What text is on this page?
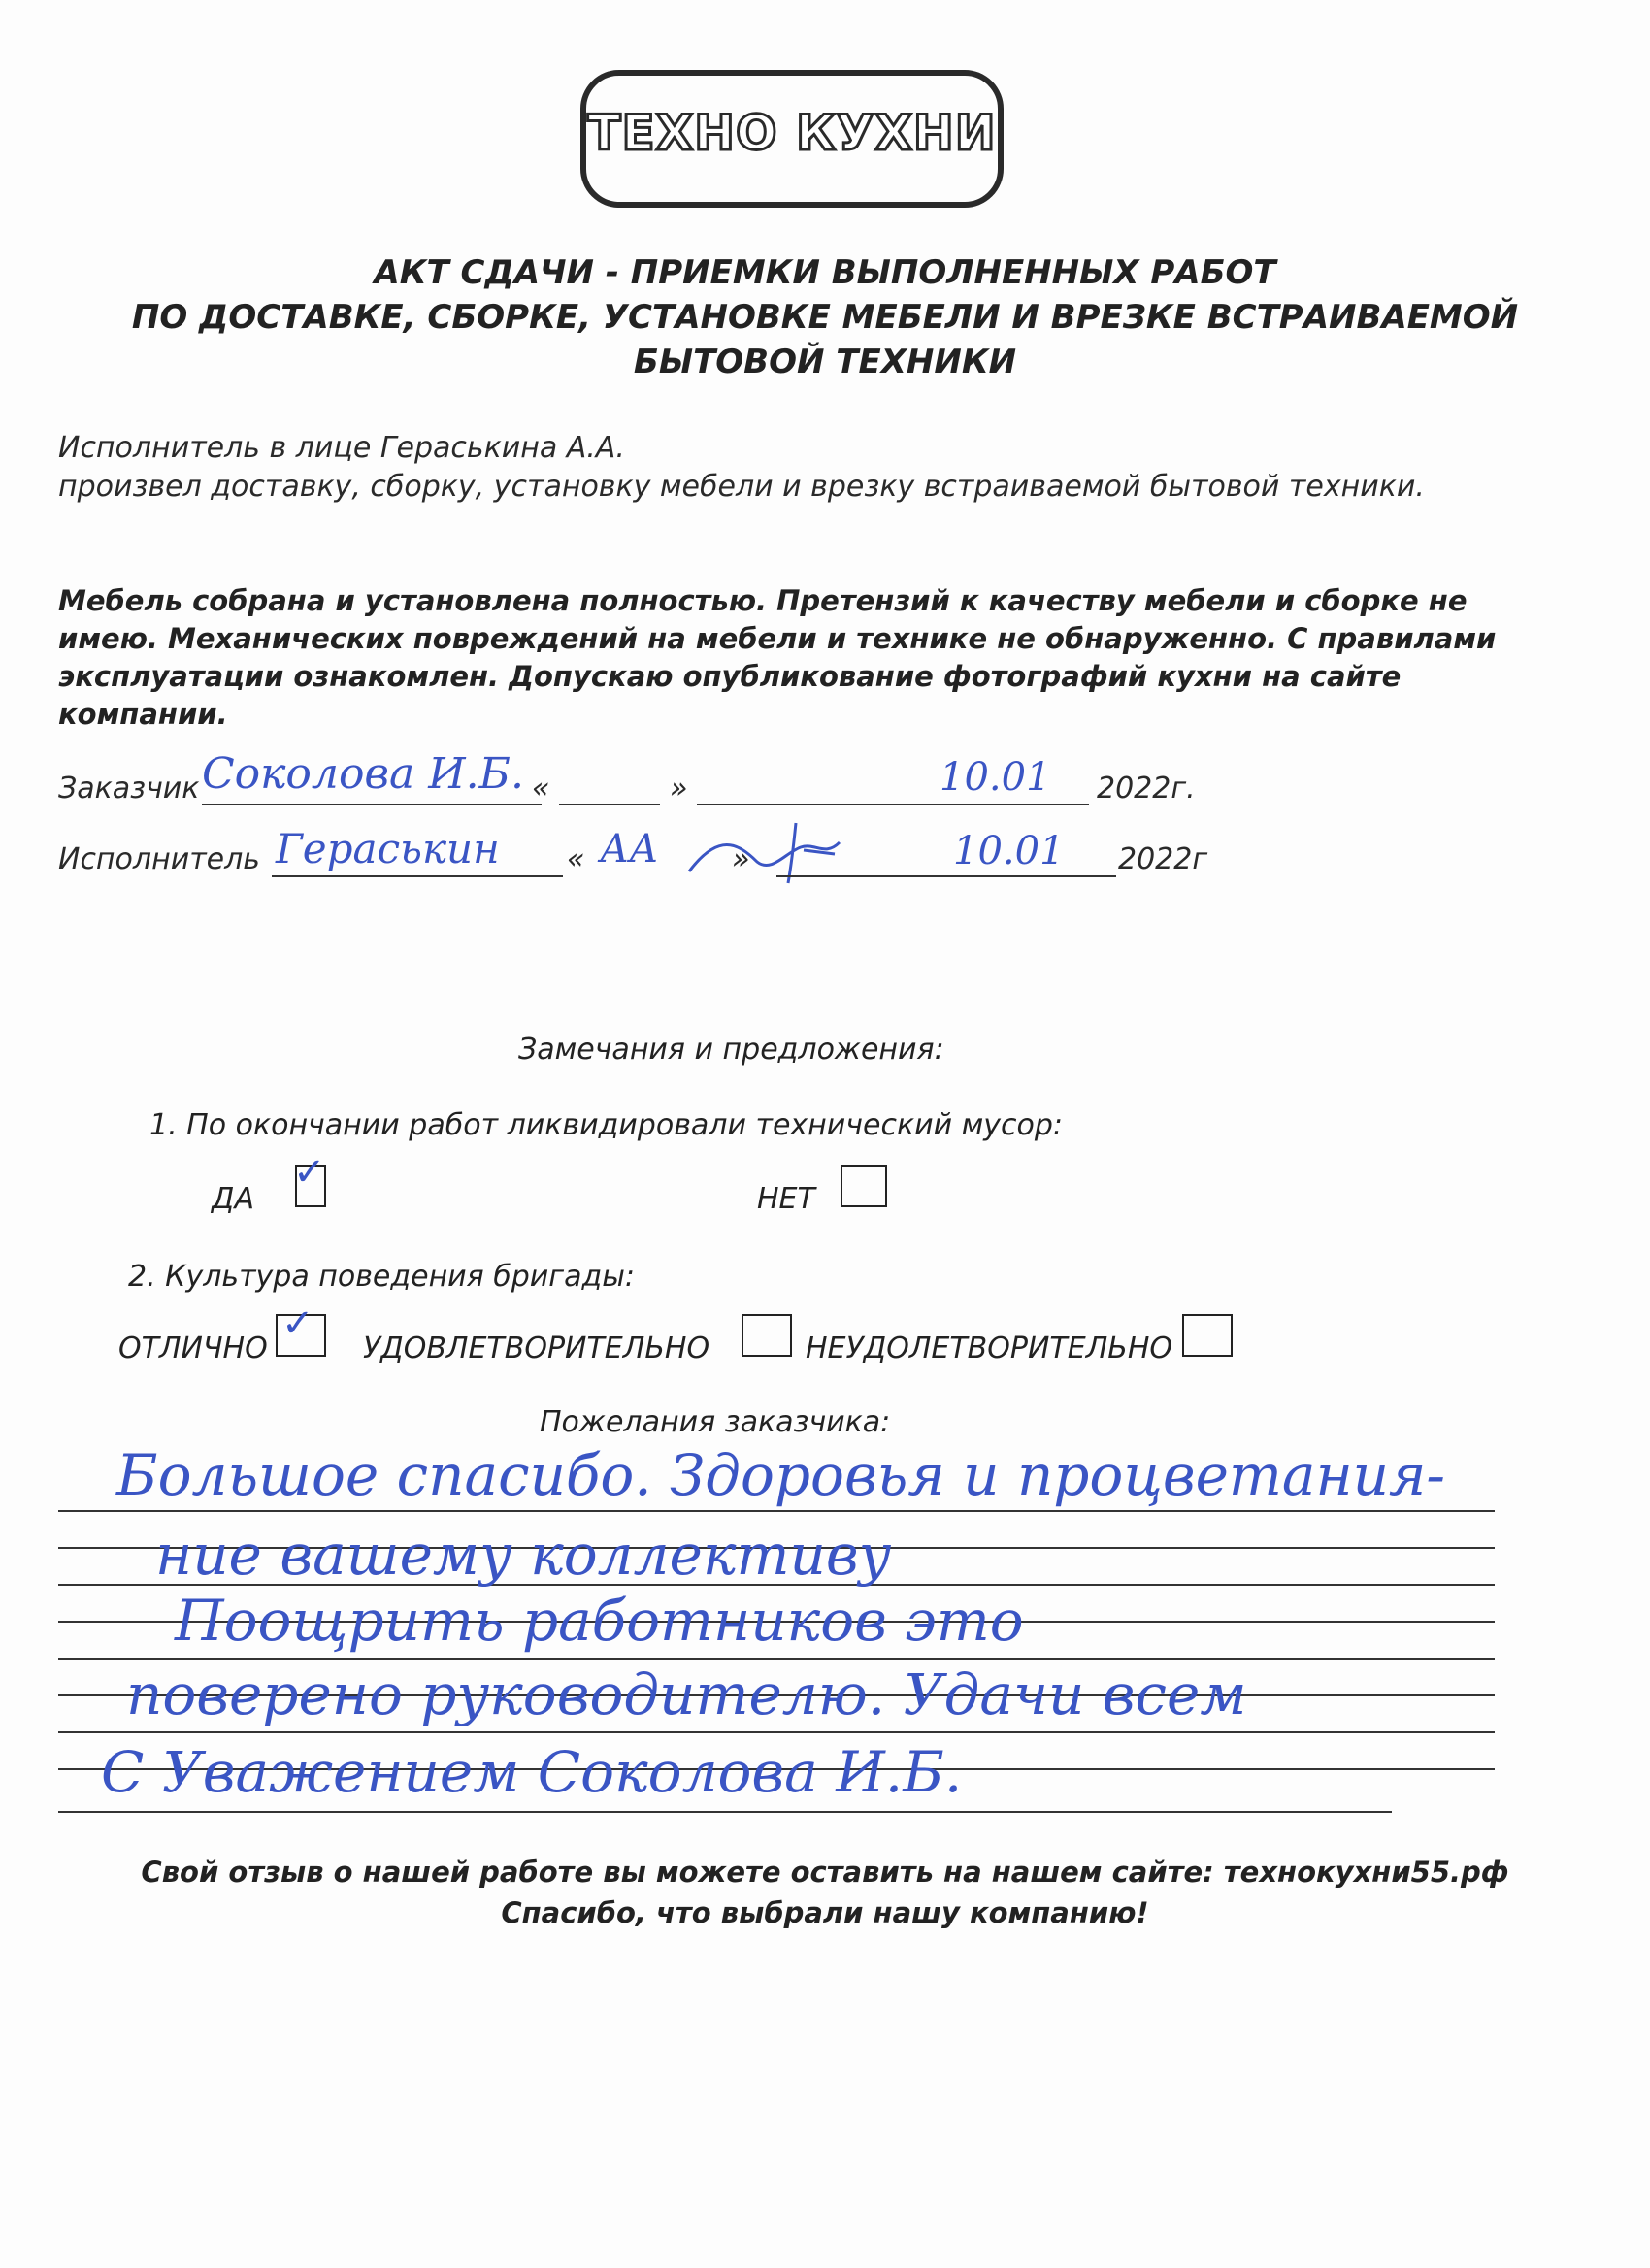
ТЕХНО КУХНИ
АКТ СДАЧИ - ПРИЕМКИ ВЫПОЛНЕННЫХ РАБОТ
ПО ДОСТАВКЕ, СБОРКЕ, УСТАНОВКЕ МЕБЕЛИ И ВРЕЗКЕ ВСТРАИВАЕМОЙ
БЫТОВОЙ ТЕХНИКИ
Исполнитель в лице Гераськина А.А.
произвел доставку, сборку, установку мебели и врезку встраиваемой бытовой техники.
Мебель собрана и установлена полностью. Претензий к качеству мебели и сборке не
имею. Механических повреждений на мебели и технике не обнаруженно. С правилами
эксплуатации ознакомлен. Допускаю опубликование фотографий кухни на сайте
компании.
Заказчик Соколова И.Б. «	»	10.01 2022г.
Исполнитель Гераськин « АА	»	10.01 2022г
Замечания и предложения:
1. По окончании работ ликвидировали технический мусор:
ДА
✓
НЕТ
2. Культура поведения бригады:
ОТЛИЧНО
✓
УДОВЛЕТВОРИТЕЛЬНО	НЕУДОЛЕТВОРИТЕЛЬНО
Пожелания заказчика:
Большое спасибо. Здоровья и процветания-
ние вашему коллективу
Поощрить работников это
поверено руководителю. Удачи всем
С Уважением Соколова И.Б.
Свой отзыв о нашей работе вы можете оставить на нашем сайте: технокухни55.рф
Спасибо, что выбрали нашу компанию!
